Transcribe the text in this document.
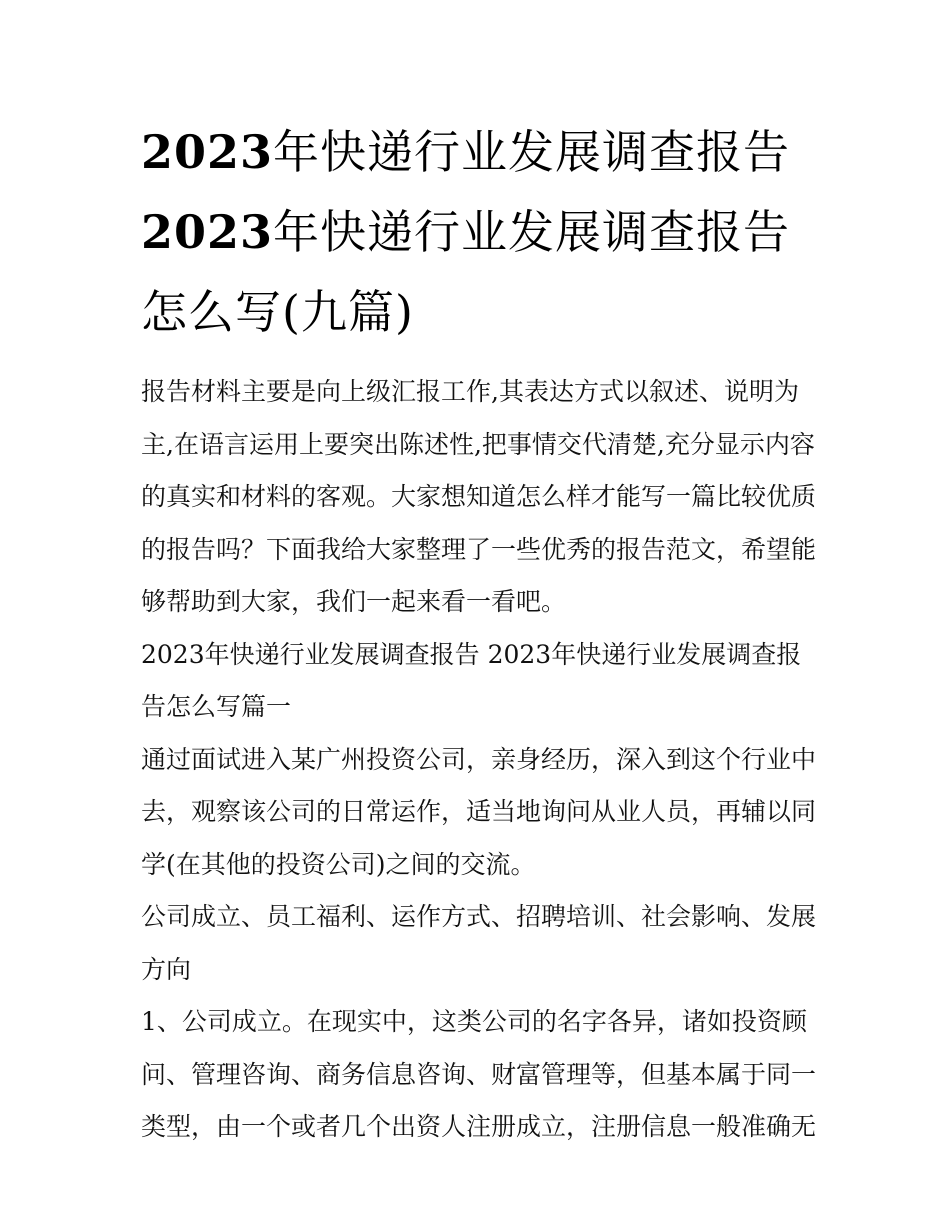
2023年快递行业发展调查报告
2023年快递行业发展调查报告
怎么写(九篇)

报告材料主要是向上级汇报工作,其表达方式以叙述、说明为主,在语言运用上要突出陈述性,把事情交代清楚,充分显示内容的真实和材料的客观。大家想知道怎么样才能写一篇比较优质的报告吗？下面我给大家整理了一些优秀的报告范文，希望能够帮助到大家，我们一起来看一看吧。

2023年快递行业发展调查报告 2023年快递行业发展调查报告怎么写篇一

通过面试进入某广州投资公司，亲身经历，深入到这个行业中去，观察该公司的日常运作，适当地询问从业人员，再辅以同学(在其他的投资公司)之间的交流。

公司成立、员工福利、运作方式、招聘培训、社会影响、发展方向

1、公司成立。在现实中，这类公司的名字各异，诸如投资顾问、管理咨询、商务信息咨询、财富管理等，但基本属于同一类型，由一个或者几个出资人注册成立，注册信息一般准确无
